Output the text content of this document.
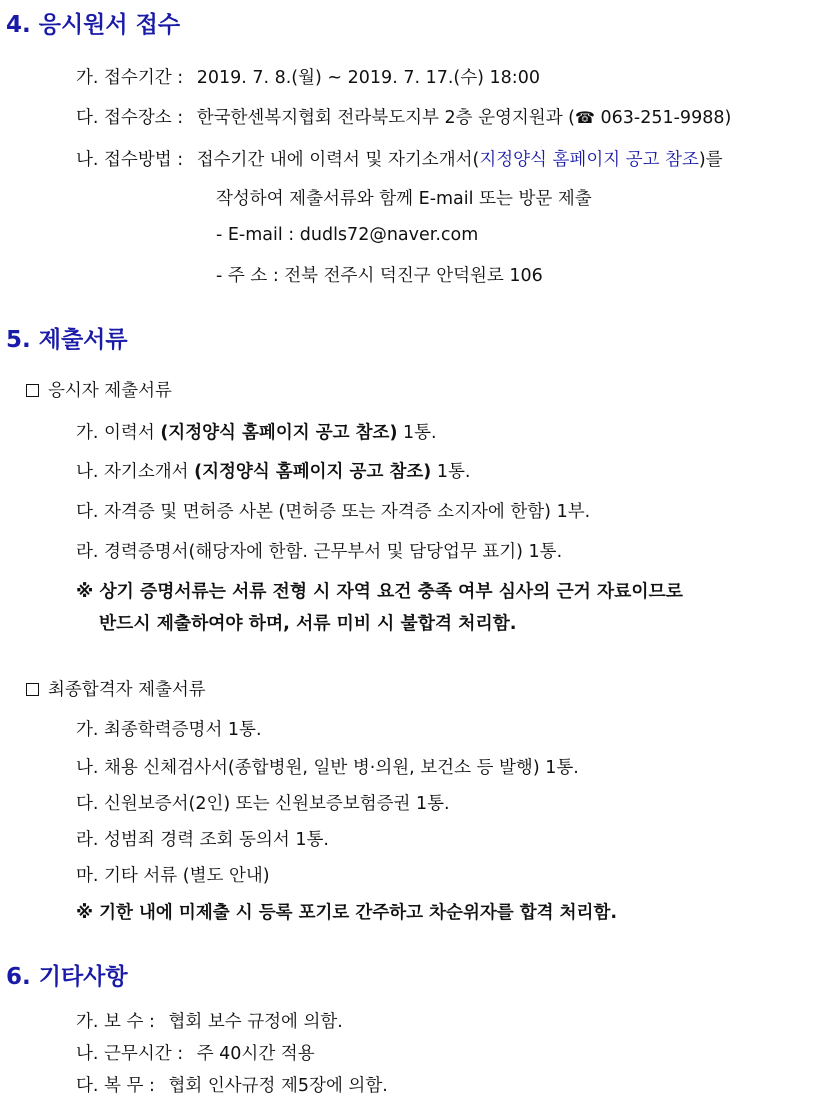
4. 응시원서 접수
가. 접수기간 : 2019. 7. 8.(월) ~ 2019. 7. 17.(수) 18:00
다. 접수장소 : 한국한센복지협회 전라북도지부 2층 운영지원과 (☎ 063-251-9988)
나. 접수방법 : 접수기간 내에 이력서 및 자기소개서(지정양식 홈페이지 공고 참조)를
작성하여 제출서류와 함께 E-mail 또는 방문 제출
- E-mail : dudls72@naver.com
- 주 소 : 전북 전주시 덕진구 안덕원로 106
5. 제출서류
응시자 제출서류
가. 이력서 (지정양식 홈페이지 공고 참조) 1통.
나. 자기소개서 (지정양식 홈페이지 공고 참조) 1통.
다. 자격증 및 면허증 사본 (면허증 또는 자격증 소지자에 한함) 1부.
라. 경력증명서(해당자에 한함. 근무부서 및 담당업무 표기) 1통.
※ 상기 증명서류는 서류 전형 시 자역 요건 충족 여부 심사의 근거 자료이므로
반드시 제출하여야 하며, 서류 미비 시 불합격 처리함.
최종합격자 제출서류
가. 최종학력증명서 1통.
나. 채용 신체검사서(종합병원, 일반 병·의원, 보건소 등 발행) 1통.
다. 신원보증서(2인) 또는 신원보증보험증권 1통.
라. 성범죄 경력 조회 동의서 1통.
마. 기타 서류 (별도 안내)
※ 기한 내에 미제출 시 등록 포기로 간주하고 차순위자를 합격 처리함.
6. 기타사항
가. 보 수 : 협회 보수 규정에 의함.
나. 근무시간 : 주 40시간 적용
다. 복 무 : 협회 인사규정 제5장에 의함.
